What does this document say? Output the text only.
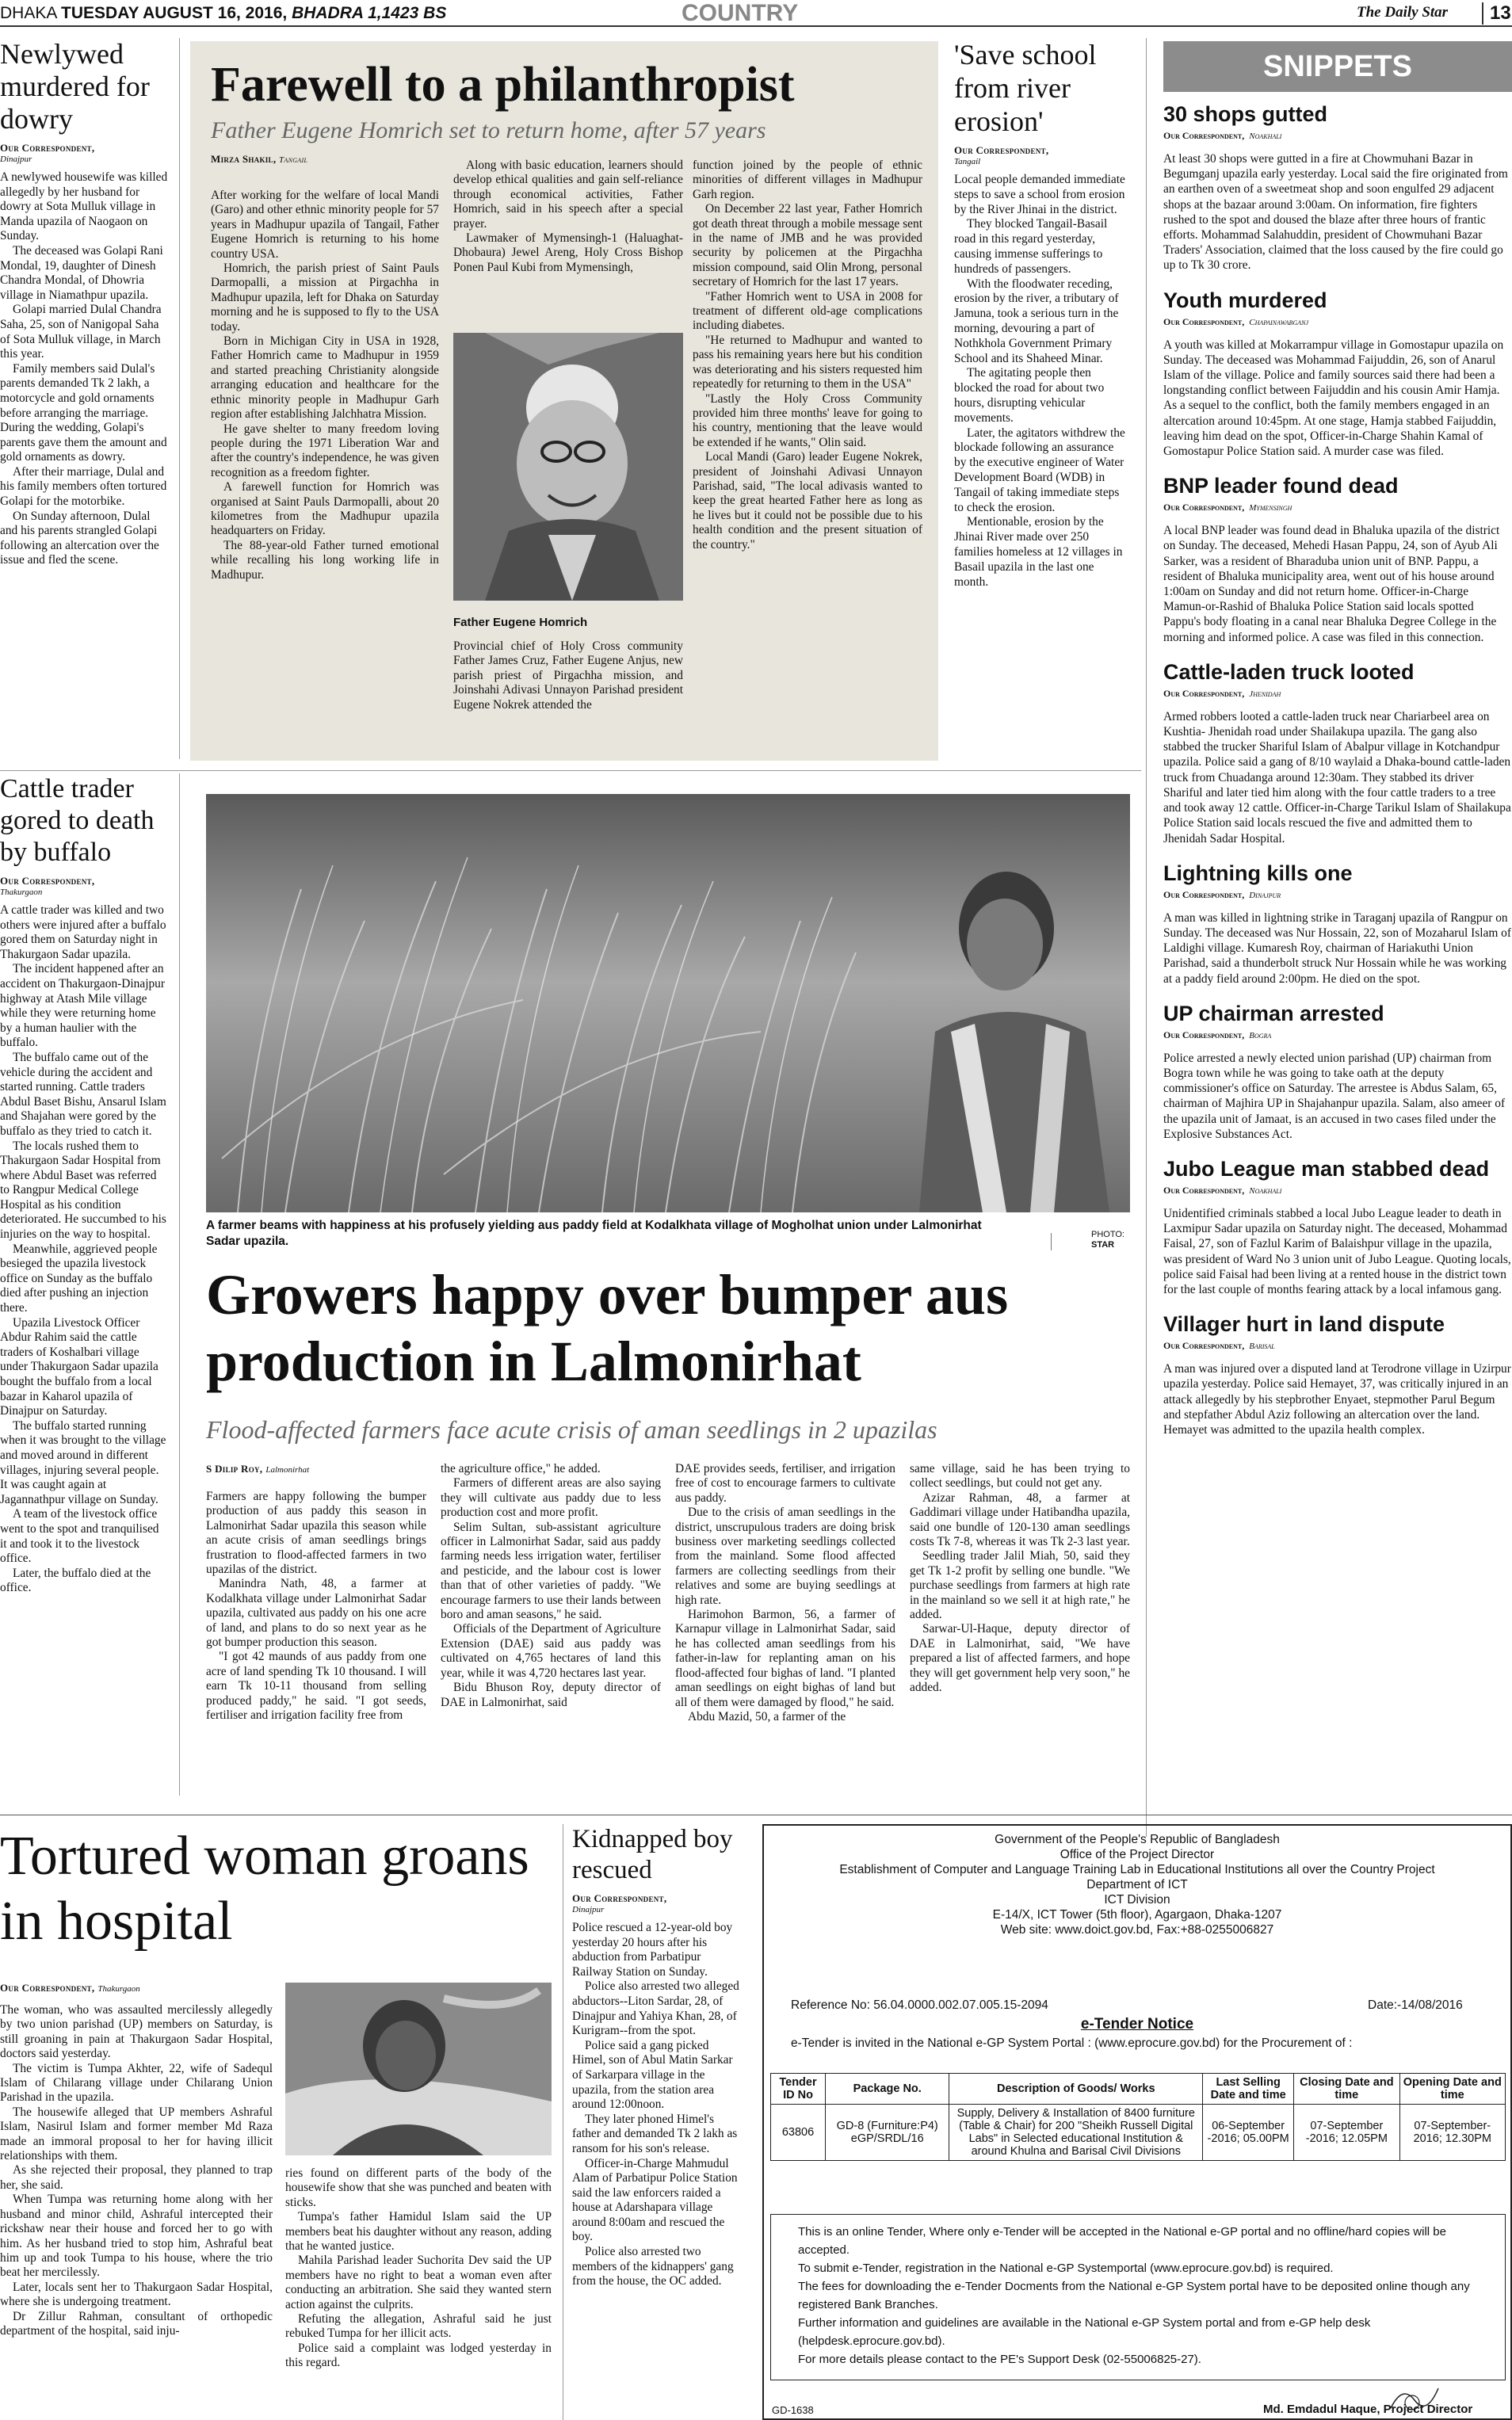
DHAKA TUESDAY AUGUST 16, 2016, BHADRA 1,1423 BS	COUNTRY	The Daily Star	13
Newlywed murdered for dowry
Our Correspondent,
Dinajpur

A newlywed housewife was killed allegedly by her husband for dowry at Sota Mulluk village in Manda upazila of Naogaon on Sunday.

The deceased was Golapi Rani Mondal, 19, daughter of Dinesh Chandra Mondal, of Dhowria village in Niamathpur upazila.

Golapi married Dulal Chandra Saha, 25, son of Nanigopal Saha of Sota Mulluk village, in March this year.

Family members said Dulal's parents demanded Tk 2 lakh, a motorcycle and gold ornaments before arranging the marriage. During the wedding, Golapi's parents gave them the amount and gold ornaments as dowry.

After their marriage, Dulal and his family members often tortured Golapi for the motorbike.

On Sunday afternoon, Dulal and his parents strangled Golapi following an altercation over the issue and fled the scene.

Farewell to a philanthropist
Father Eugene Homrich set to return home, after 57 years
Mirza Shakil, Tangail

After working for the welfare of local Mandi (Garo) and other ethnic minority people for 57 years in Madhupur upazila of Tangail, Father Eugene Homrich is returning to his home country USA.

Homrich, the parish priest of Saint Pauls Darmopalli, a mission at Pirgachha in Madhupur upazila, left for Dhaka on Saturday morning and he is supposed to fly to the USA today.

Born in Michigan City in USA in 1928, Father Homrich came to Madhupur in 1959 and started preaching Christianity alongside arranging education and healthcare for the ethnic minority people in Madhupur Garh region after establishing Jalchhatra Mission.

He gave shelter to many freedom loving people during the 1971 Liberation War and after the country's independence, he was given recognition as a freedom fighter.

A farewell function for Homrich was organised at Saint Pauls Darmopalli, about 20 kilometres from the Madhupur upazila headquarters on Friday.

The 88-year-old Father turned emotional while recalling his long working life in Madhupur.

Along with basic education, learners should develop ethical qualities and gain self-reliance through economical activities, Father Homrich, said in his speech after a special prayer.

Lawmaker of Mymensingh-1 (Haluaghat-Dhobaura) Jewel Areng, Holy Cross Bishop Ponen Paul Kubi from Mymensingh,

Father Eugene Homrich

Provincial chief of Holy Cross community Father James Cruz, Father Eugene Anjus, new parish priest of Pirgachha mission, and Joinshahi Adivasi Unnayon Parishad president Eugene Nokrek attended the

function joined by the people of ethnic minorities of different villages in Madhupur Garh region.

On December 22 last year, Father Homrich got death threat through a mobile message sent in the name of JMB and he was provided security by policemen at the Pirgachha mission compound, said Olin Mrong, personal secretary of Homrich for the last 17 years.

"Father Homrich went to USA in 2008 for treatment of different old-age complications including diabetes.

"He returned to Madhupur and wanted to pass his remaining years here but his condition was deteriorating and his sisters requested him repeatedly for returning to them in the USA"

"Lastly the Holy Cross Community provided him three months' leave for going to his country, mentioning that the leave would be extended if he wants," Olin said.

Local Mandi (Garo) leader Eugene Nokrek, president of Joinshahi Adivasi Unnayon Parishad, said, "The local adivasis wanted to keep the great hearted Father here as long as he lives but it could not be possible due to his health condition and the present situation of the country."

'Save school from river erosion'
Our Correspondent,
Tangail

Local people demanded immediate steps to save a school from erosion by the River Jhinai in the district.

They blocked Tangail-Basail road in this regard yesterday, causing immense sufferings to hundreds of passengers.

With the floodwater receding, erosion by the river, a tributary of Jamuna, took a serious turn in the morning, devouring a part of Nothkhola Government Primary School and its Shaheed Minar.

The agitating people then blocked the road for about two hours, disrupting vehicular movements.

Later, the agitators withdrew the blockade following an assurance by the executive engineer of Water Development Board (WDB) in Tangail of taking immediate steps to check the erosion.

Mentionable, erosion by the Jhinai River made over 250 families homeless at 12 villages in Basail upazila in the last one month.

SNIPPETS
30 shops gutted
Our Correspondent, Noakhali
At least 30 shops were gutted in a fire at Chowmuhani Bazar in Begumganj upazila early yesterday. Local said the fire originated from an earthen oven of a sweetmeat shop and soon engulfed 29 adjacent shops at the bazaar around 3:00am. On information, fire fighters rushed to the spot and doused the blaze after three hours of frantic efforts. Mohammad Salahuddin, president of Chowmuhani Bazar Traders' Association, claimed that the loss caused by the fire could go up to Tk 30 crore.
Youth murdered
Our Correspondent, Chapainawabganj
A youth was killed at Mokarrampur village in Gomostapur upazila on Sunday. The deceased was Mohammad Faijuddin, 26, son of Anarul Islam of the village. Police and family sources said there had been a longstanding conflict between Faijuddin and his cousin Amir Hamja. As a sequel to the conflict, both the family members engaged in an altercation around 10:45pm. At one stage, Hamja stabbed Faijuddin, leaving him dead on the spot, Officer-in-Charge Shahin Kamal of Gomostapur Police Station said. A murder case was filed.
BNP leader found dead
Our Correspondent, Mymensingh
A local BNP leader was found dead in Bhaluka upazila of the district on Sunday. The deceased, Mehedi Hasan Pappu, 24, son of Ayub Ali Sarker, was a resident of Bharaduba union unit of BNP. Pappu, a resident of Bhaluka municipality area, went out of his house around 1:00am on Sunday and did not return home. Officer-in-Charge Mamun-or-Rashid of Bhaluka Police Station said locals spotted Pappu's body floating in a canal near Bhaluka Degree College in the morning and informed police. A case was filed in this connection.
Cattle-laden truck looted
Our Correspondent, Jhenidah
Armed robbers looted a cattle-laden truck near Chariarbeel area on Kushtia- Jhenidah road under Shailakupa upazila. The gang also stabbed the trucker Shariful Islam of Abalpur village in Kotchandpur upazila. Police said a gang of 8/10 waylaid a Dhaka-bound cattle-laden truck from Chuadanga around 12:30am. They stabbed its driver Shariful and later tied him along with the four cattle traders to a tree and took away 12 cattle. Officer-in-Charge Tarikul Islam of Shailakupa Police Station said locals rescued the five and admitted them to Jhenidah Sadar Hospital.
Lightning kills one
Our Correspondent, Dinajpur
A man was killed in lightning strike in Taraganj upazila of Rangpur on Sunday. The deceased was Nur Hossain, 22, son of Mozaharul Islam of Laldighi village. Kumaresh Roy, chairman of Hariakuthi Union Parishad, said a thunderbolt struck Nur Hossain while he was working at a paddy field around 2:00pm. He died on the spot.
UP chairman arrested
Our Correspondent, Bogra
Police arrested a newly elected union parishad (UP) chairman from Bogra town while he was going to take oath at the deputy commissioner's office on Saturday. The arrestee is Abdus Salam, 65, chairman of Majhira UP in Shajahanpur upazila. Salam, also ameer of the upazila unit of Jamaat, is an accused in two cases filed under the Explosive Substances Act.
Jubo League man stabbed dead
Our Correspondent, Noakhali
Unidentified criminals stabbed a local Jubo League leader to death in Laxmipur Sadar upazila on Saturday night. The deceased, Mohammad Faisal, 27, son of Fazlul Karim of Balaishpur village in the upazila, was president of Ward No 3 union unit of Jubo League. Quoting locals, police said Faisal had been living at a rented house in the district town for the last couple of months fearing attack by a local infamous gang.
Villager hurt in land dispute
Our Correspondent, Barisal
A man was injured over a disputed land at Terodrone village in Uzirpur upazila yesterday. Police said Hemayet, 37, was critically injured in an attack allegedly by his stepbrother Enyaet, stepmother Parul Begum and stepfather Abdul Aziz following an altercation over the land. Hemayet was admitted to the upazila health complex.
Cattle trader gored to death by buffalo
Our Correspondent,
Thakurgaon

A cattle trader was killed and two others were injured after a buffalo gored them on Saturday night in Thakurgaon Sadar upazila.

The incident happened after an accident on Thakurgaon-Dinajpur highway at Atash Mile village while they were returning home by a human haulier with the buffalo.

The buffalo came out of the vehicle during the accident and started running. Cattle traders Abdul Baset Bishu, Ansarul Islam and Shajahan were gored by the buffalo as they tried to catch it.

The locals rushed them to Thakurgaon Sadar Hospital from where Abdul Baset was referred to Rangpur Medical College Hospital as his condition deteriorated. He succumbed to his injuries on the way to hospital.

Meanwhile, aggrieved people besieged the upazila livestock office on Sunday as the buffalo died after pushing an injection there.

Upazila Livestock Officer Abdur Rahim said the cattle traders of Koshalbari village under Thakurgaon Sadar upazila bought the buffalo from a local bazar in Kaharol upazila of Dinajpur on Saturday.

The buffalo started running when it was brought to the village and moved around in different villages, injuring several people. It was caught again at Jagannathpur village on Sunday.

A team of the livestock office went to the spot and tranquilised it and took it to the livestock office.

Later, the buffalo died at the office.

A farmer beams with happiness at his profusely yielding aus paddy field at Kodalkhata village of Mogholhat union under Lalmonirhat Sadar upazila.	PHOTO:
STAR
Growers happy over bumper aus production in Lalmonirhat
Flood-affected farmers face acute crisis of aman seedlings in 2 upazilas
S Dilip Roy, Lalmonirhat

Farmers are happy following the bumper production of aus paddy this season in Lalmonirhat Sadar upazila this season while an acute crisis of aman seedlings brings frustration to flood-affected farmers in two upazilas of the district.

Manindra Nath, 48, a farmer at Kodalkhata village under Lalmonirhat Sadar upazila, cultivated aus paddy on his one acre of land, and plans to do so next year as he got bumper production this season.

"I got 42 maunds of aus paddy from one acre of land spending Tk 10 thousand. I will earn Tk 10-11 thousand from selling produced paddy," he said. "I got seeds, fertiliser and irrigation facility free from

the agriculture office," he added.

Farmers of different areas are also saying they will cultivate aus paddy due to less production cost and more profit.

Selim Sultan, sub-assistant agriculture officer in Lalmonirhat Sadar, said aus paddy farming needs less irrigation water, fertiliser and pesticide, and the labour cost is lower than that of other varieties of paddy. "We encourage farmers to use their lands between boro and aman seasons," he said.

Officials of the Department of Agriculture Extension (DAE) said aus paddy was cultivated on 4,765 hectares of land this year, while it was 4,720 hectares last year.

Bidu Bhuson Roy, deputy director of DAE in Lalmonirhat, said

DAE provides seeds, fertiliser, and irrigation free of cost to encourage farmers to cultivate aus paddy.

Due to the crisis of aman seedlings in the district, unscrupulous traders are doing brisk business over marketing seedlings collected from the mainland. Some flood affected farmers are collecting seedlings from their relatives and some are buying seedlings at high rate.

Harimohon Barmon, 56, a farmer of Karnapur village in Lalmonirhat Sadar, said he has collected aman seedlings from his father-in-law for replanting aman on his flood-affected four bighas of land. "I planted aman seedlings on eight bighas of land but all of them were damaged by flood," he said.

Abdu Mazid, 50, a farmer of the

same village, said he has been trying to collect seedlings, but could not get any.

Azizar Rahman, 48, a farmer at Gaddimari village under Hatibandha upazila, said one bundle of 120-130 aman seedlings costs Tk 7-8, whereas it was Tk 2-3 last year.

Seedling trader Jalil Miah, 50, said they get Tk 1-2 profit by selling one bundle. "We purchase seedlings from farmers at high rate in the mainland so we sell it at high rate," he added.

Sarwar-Ul-Haque, deputy director of DAE in Lalmonirhat, said, "We have prepared a list of affected farmers, and hope they will get government help very soon," he added.

Tortured woman groans in hospital
Our Correspondent, Thakurgaon

The woman, who was assaulted mercilessly allegedly by two union parishad (UP) members on Saturday, is still groaning in pain at Thakurgaon Sadar Hospital, doctors said yesterday.

The victim is Tumpa Akhter, 22, wife of Sadequl Islam of Chilarang village under Chilarang Union Parishad in the upazila.

The housewife alleged that UP members Ashraful Islam, Nasirul Islam and former member Md Raza made an immoral proposal to her for having illicit relationships with them.

As she rejected their proposal, they planned to trap her, she said.

When Tumpa was returning home along with her husband and minor child, Ashraful intercepted their rickshaw near their house and forced her to go with him. As her husband tried to stop him, Ashraful beat him up and took Tumpa to his house, where the trio beat her mercilessly.

Later, locals sent her to Thakurgaon Sadar Hospital, where she is undergoing treatment.

Dr Zillur Rahman, consultant of orthopedic department of the hospital, said inju-

ries found on different parts of the body of the housewife show that she was punched and beaten with sticks.

Tumpa's father Hamidul Islam said the UP members beat his daughter without any reason, adding that he wanted justice.

Mahila Parishad leader Suchorita Dev said the UP members have no right to beat a woman even after conducting an arbitration. She said they wanted stern action against the culprits.

Refuting the allegation, Ashraful said he just rebuked Tumpa for her illicit acts.

Police said a complaint was lodged yesterday in this regard.

Kidnapped boy rescued
Our Correspondent,
Dinajpur

Police rescued a 12-year-old boy yesterday 20 hours after his abduction from Parbatipur Railway Station on Sunday.

Police also arrested two alleged abductors--Liton Sardar, 28, of Dinajpur and Yahiya Khan, 28, of Kurigram--from the spot.

Police said a gang picked Himel, son of Abul Matin Sarkar of Sarkarpara village in the upazila, from the station area around 12:00noon.

They later phoned Himel's father and demanded Tk 2 lakh as ransom for his son's release.

Officer-in-Charge Mahmudul Alam of Parbatipur Police Station said the law enforcers raided a house at Adarshapara village around 8:00am and rescued the boy.

Police also arrested two members of the kidnappers' gang from the house, the OC added.

Government of the People's Republic of Bangladesh
Office of the Project Director
Establishment of Computer and Language Training Lab in Educational Institutions all over the Country Project
Department of ICT
ICT Division
E-14/X, ICT Tower (5th floor), Agargaon, Dhaka-1207
Web site: www.doict.gov.bd, Fax:+88-0255006827
Reference No: 56.04.0000.002.07.005.15-2094	Date:-14/08/2016
e-Tender Notice
e-Tender is invited in the National e-GP System Portal : (www.eprocure.gov.bd) for the Procurement of :
Tender ID No	Package No.	Description of Goods/ Works	Last Selling Date and time	Closing Date and time	Opening Date and time
63806	GD-8 (Furniture:P4) eGP/SRDL/16	Supply, Delivery & Installation of 8400 furniture (Table & Chair) for 200 "Sheikh Russell Digital Labs" in Selected educational Institution & around Khulna and Barisal Civil Divisions	06-September -2016; 05.00PM	07-September -2016; 12.05PM	07-September-2016; 12.30PM
This is an online Tender, Where only e-Tender will be accepted in the National e-GP portal and no offline/hard copies will be accepted.
To submit e-Tender, registration in the National e-GP Systemportal (www.eprocure.gov.bd) is required.
The fees for downloading the e-Tender Docments from the National e-GP System portal have to be deposited online though any registered Bank Branches.
Further information and guidelines are available in the National e-GP System portal and from e-GP help desk (helpdesk.eprocure.gov.bd).
For more details please contact to the PE's Support Desk (02-55006825-27).
GD-1638	Md. Emdadul Haque, Project Director
